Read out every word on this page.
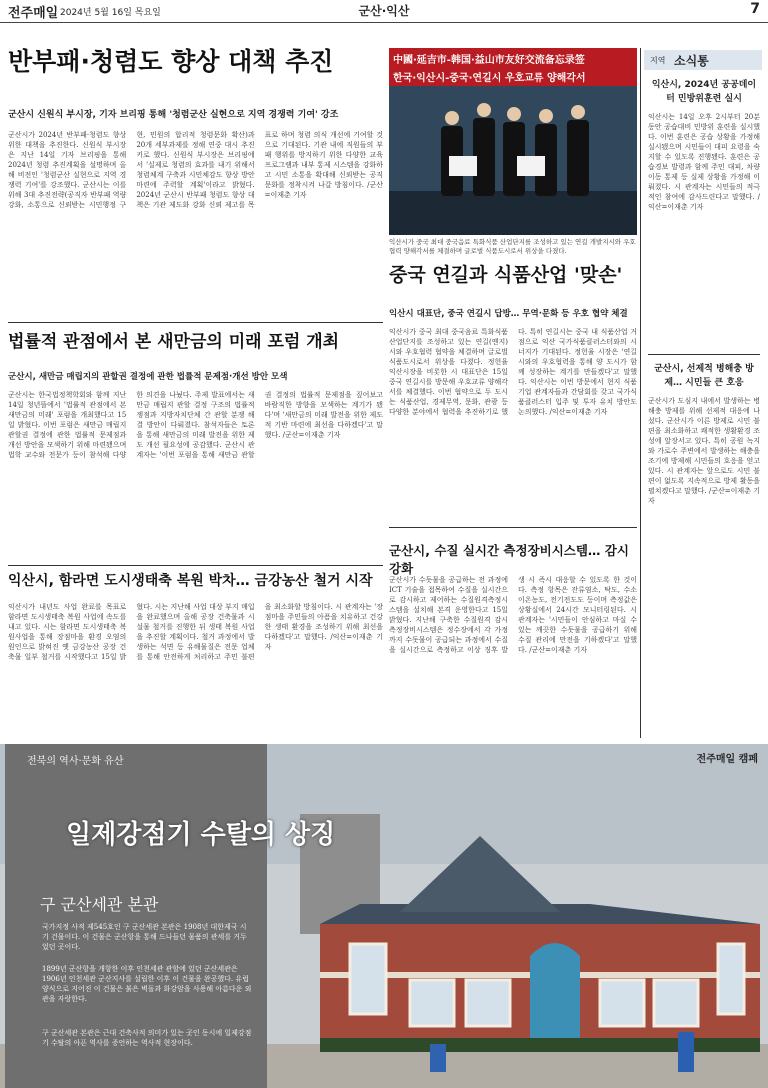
전주매일 2024년 5월 16일 목요일	군산·익산	7
반부패·청렴도 향상 대책 추진
군산시 신원식 부시장, 기자 브리핑 통해 '청렴군산 실현으로 지역 경쟁력 기여' 강조
군산시가 2024년 반부패·청렴도 향상 위한 대책을 추진한다. 신원식 부시장은 지난 14일 기자 브리핑을 통해 2024년 청렴 추진계획을 설명하며 올해 비전인 '청렴군산 실현으로 지역 경쟁력 기여'를 강조했다. 군산시는 이를 위해 3대 추진전략(공직자 반부패 역량강화, 소통으로 신뢰받는 시민행정 구현, 민원의 합리적 청렴문화 확산)과 20개 세부과제를 정해 연중 대시 추진키로 했다. 신원식 부시장은 브리핑에서 '실제로 청렴의 효과를 내기 위해서 청렴체계 구축과 시민체감도 향상 방안 마련에 주력할 계획'이라고 밝혔다. 2024년 군산시 반부패 청렴도 향상 대책은 기관 제도화 강화 신뢰 제고를 목표로 하며 청렴 의식 개선에 기여할 것으로 기대된다. 기관 내에 직원들의 부패 행위를 방지하기 위한 다양한 교육 프로그램과 내부 통제 시스템을 강화하고 시민 소통을 확대해 신뢰받는 공직 문화를 정착시켜 나갈 방침이다. /군산=이재춘 기자
中國·延吉市-韩国·益山市友好交流备忘录签
한국·익산시-중국·연길시 우호교류 양해각서
익산시가 중국 최대 중국음료 특화식품 산업단지를 조성하고 있는 연길 개발지시와 우호협력 양해각서를 체결하며 글로벌 식품도시로서 위상을 다졌다.
중국 연길과 식품산업 '맞손'
익산시 대표단, 중국 연길시 답방… 무역·문화 등 우호 협약 체결
익산시가 중국 최대 중국음료 특화식품 산업단지를 조성하고 있는 연길(옌지)시와 우호협력 협약을 체결하며 글로벌 식품도시로서 위상을 다졌다. 정헌율 익산시장을 비롯한 시 대표단은 15일 중국 연길시를 방문해 우호교류 양해각서를 체결했다. 이번 협약으로 두 도시는 식품산업, 경제무역, 문화, 관광 등 다양한 분야에서 협력을 추진하기로 했다. 특히 연길시는 중국 내 식품산업 거점으로 익산 국가식품클러스터와의 시너지가 기대된다. 정헌율 시장은 '연길시와의 우호협력을 통해 양 도시가 함께 성장하는 계기를 만들겠다'고 말했다. 익산시는 이번 방문에서 현지 식품기업 관계자들과 간담회를 갖고 국가식품클러스터 입주 및 투자 유치 방안도 논의했다. /익산=이재춘 기자
법률적 관점에서 본 새만금의 미래 포럼 개최
군산시, 새만금 매립지의 관할권 결정에 관한 법률적 문제점·개선 방안 모색
군산시는 한국법정책학회와 함께 지난 14일 청년뜰에서 '법률적 관점에서 본 새만금의 미래' 포럼을 개최했다고 15일 밝혔다. 이번 포럼은 새만금 매립지 관할권 결정에 관한 법률적 문제점과 개선 방안을 모색하기 위해 마련됐으며 법학 교수와 전문가 등이 참석해 다양한 의견을 나눴다. 주제 발표에서는 새만금 매립지 관할 결정 구조의 법률적 쟁점과 지방자치단체 간 관할 분쟁 해결 방안이 다뤄졌다. 참석자들은 토론을 통해 새만금의 미래 발전을 위한 제도 개선 필요성에 공감했다. 군산시 관계자는 '이번 포럼을 통해 새만금 관할권 결정의 법률적 문제점을 짚어보고 바람직한 방향을 모색하는 계기가 됐다'며 '새만금의 미래 발전을 위한 제도적 기반 마련에 최선을 다하겠다'고 말했다. /군산=이재춘 기자
익산시, 함라면 도시생태축 복원 박차… 금강농산 철거 시작
익산시가 내년도 사업 완료를 목표로 함라면 도시생태축 복원 사업에 속도를 내고 있다. 시는 함라면 도시생태축 복원사업을 통해 장점마을 환경 오염의 원인으로 밝혀진 옛 금강농산 공장 건축물 일부 철거를 시작했다고 15일 밝혔다. 시는 지난해 사업 대상 부지 매입을 완료했으며 올해 공장 건축물과 시설물 철거를 진행한 뒤 생태 복원 사업을 추진할 계획이다. 철거 과정에서 발생하는 석면 등 유해물질은 전문 업체를 통해 안전하게 처리하고 주민 불편을 최소화할 방침이다. 시 관계자는 '장점마을 주민들의 아픔을 치유하고 건강한 생태 환경을 조성하기 위해 최선을 다하겠다'고 말했다. /익산=이재춘 기자
군산시, 수질 실시간 측정장비시스템… 감시 강화
군산시가 수돗물을 공급하는 전 과정에 ICT 기술을 접목하여 수질을 실시간으로 감시하고 제어하는 수질원격측정시스템을 설치해 본격 운영한다고 15일 밝혔다. 지난해 구축한 수질원격 감시 측정장비시스템은 정수장에서 각 가정까지 수돗물이 공급되는 과정에서 수질을 실시간으로 측정하고 이상 징후 발생 시 즉시 대응할 수 있도록 한 것이다. 측정 항목은 잔류염소, 탁도, 수소이온농도, 전기전도도 등이며 측정값은 상황실에서 24시간 모니터링된다. 시 관계자는 '시민들이 안심하고 마실 수 있는 깨끗한 수돗물을 공급하기 위해 수질 관리에 만전을 기하겠다'고 말했다. /군산=이재춘 기자
지역 소식통
익산시, 2024년 공공데이터 민방위훈련 실시
익산시는 14일 오후 2시부터 20분 동안 공습대비 민방위 훈련을 실시했다. 이번 훈련은 공습 상황을 가정해 실시됐으며 시민들이 대피 요령을 숙지할 수 있도록 진행됐다. 훈련은 공습경보 발령과 함께 주민 대피, 차량 이동 통제 등 실제 상황을 가정해 이뤄졌다. 시 관계자는 시민들의 적극적인 참여에 감사드린다고 말했다. /익산=이재춘 기자
군산시, 선제적 병해충 방제… 시민들 큰 호응
군산시가 도심지 내에서 발생하는 병해충 방제를 위해 선제적 대응에 나섰다. 군산시가 이른 방제로 시민 불편을 최소화하고 쾌적한 생활환경 조성에 앞장서고 있다. 특히 공원 녹지와 가로수 주변에서 발생하는 해충을 조기에 방제해 시민들의 호응을 얻고 있다. 시 관계자는 앞으로도 시민 불편이 없도록 지속적으로 방제 활동을 펼치겠다고 말했다. /군산=이재춘 기자
전북의 역사·문화 유산	전주매일 캠페
일제강점기 수탈의 상징
구 군산세관 본관
국가지정 사적 제545호인 구 군산세관 본관은 1908년 대한제국 시기 건물이다. 이 건물은 군산항을 통해 드나들던 물품의 관세를 거두었던 곳이다.
1899년 군산항을 개항한 이후 인천세관 관할에 있던 군산세관은 1906년 인천세관 군산지사를 설립한 이후 이 건물을 완공했다. 유럽 양식으로 지어진 이 건물은 붉은 벽돌과 화강암을 사용해 아름다운 외관을 자랑한다.
구 군산세관 본관은 근대 건축사적 의미가 있는 곳인 동시에 일제강점기 수탈의 아픈 역사를 증언하는 역사적 현장이다.
